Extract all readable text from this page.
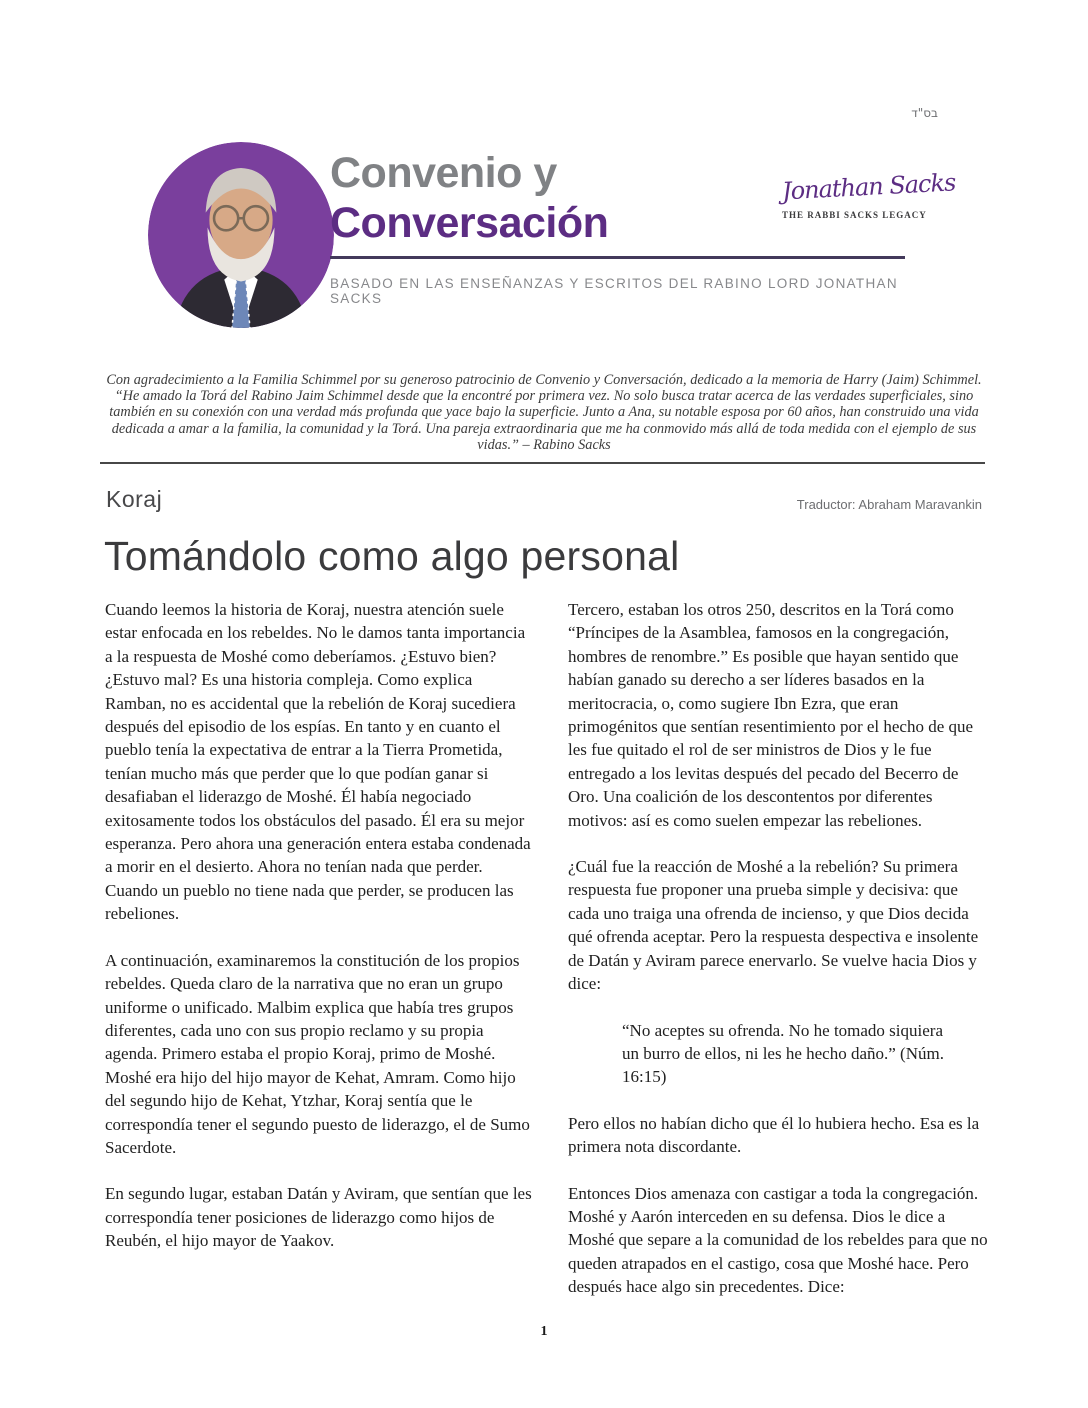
בס"ד
Convenio y
Conversación
BASADO EN LAS ENSEÑANZAS Y ESCRITOS DEL RABINO LORD JONATHAN SACKS
Jonathan Sacks
THE RABBI SACKS LEGACY

Con agradecimiento a la Familia Schimmel por su generoso patrocinio de Convenio y Conversación, dedicado a la memoria de Harry (Jaim) Schimmel. “He amado la Torá del Rabino Jaim Schimmel desde que la encontré por primera vez. No solo busca tratar acerca de las verdades superficiales, sino también en su conexión con una verdad más profunda que yace bajo la superficie. Junto a Ana, su notable esposa por 60 años, han construido una vida dedicada a amar a la familia, la comunidad y la Torá. Una pareja extraordinaria que me ha conmovido más allá de toda medida con el ejemplo de sus vidas.” – Rabino Sacks

Koraj	Traductor: Abraham Maravankin
Tomándolo como algo personal

Cuando leemos la historia de Koraj, nuestra atención suele estar enfocada en los rebeldes. No le damos tanta importancia a la respuesta de Moshé como deberíamos. ¿Estuvo bien? ¿Estuvo mal? Es una historia compleja. Como explica Ramban, no es accidental que la rebelión de Koraj sucediera después del episodio de los espías. En tanto y en cuanto el pueblo tenía la expectativa de entrar a la Tierra Prometida, tenían mucho más que perder que lo que podían ganar si desafiaban el liderazgo de Moshé. Él había negociado exitosamente todos los obstáculos del pasado. Él era su mejor esperanza. Pero ahora una generación entera estaba condenada a morir en el desierto. Ahora no tenían nada que perder. Cuando un pueblo no tiene nada que perder, se producen las rebeliones.

A continuación, examinaremos la constitución de los propios rebeldes. Queda claro de la narrativa que no eran un grupo uniforme o unificado. Malbim explica que había tres grupos diferentes, cada uno con sus propio reclamo y su propia agenda. Primero estaba el propio Koraj, primo de Moshé. Moshé era hijo del hijo mayor de Kehat, Amram. Como hijo del segundo hijo de Kehat, Ytzhar, Koraj sentía que le correspondía tener el segundo puesto de liderazgo, el de Sumo Sacerdote.

En segundo lugar, estaban Datán y Aviram, que sentían que les correspondía tener posiciones de liderazgo como hijos de Reubén, el hijo mayor de Yaakov.

Tercero, estaban los otros 250, descritos en la Torá como “Príncipes de la Asamblea, famosos en la congregación, hombres de renombre.” Es posible que hayan sentido que habían ganado su derecho a ser líderes basados en la meritocracia, o, como sugiere Ibn Ezra, que eran primogénitos que sentían resentimiento por el hecho de que les fue quitado el rol de ser ministros de Dios y le fue entregado a los levitas después del pecado del Becerro de Oro. Una coalición de los descontentos por diferentes motivos: así es como suelen empezar las rebeliones.

¿Cuál fue la reacción de Moshé a la rebelión? Su primera respuesta fue proponer una prueba simple y decisiva: que cada uno traiga una ofrenda de incienso, y que Dios decida qué ofrenda aceptar. Pero la respuesta despectiva e insolente de Datán y Aviram parece enervarlo. Se vuelve hacia Dios y dice:

“No aceptes su ofrenda. No he tomado siquiera un burro de ellos, ni les he hecho daño.” (Núm. 16:15)

Pero ellos no habían dicho que él lo hubiera hecho. Esa es la primera nota discordante.

Entonces Dios amenaza con castigar a toda la congregación. Moshé y Aarón interceden en su defensa. Dios le dice a Moshé que separe a la comunidad de los rebeldes para que no queden atrapados en el castigo, cosa que Moshé hace. Pero después hace algo sin precedentes. Dice:

1
